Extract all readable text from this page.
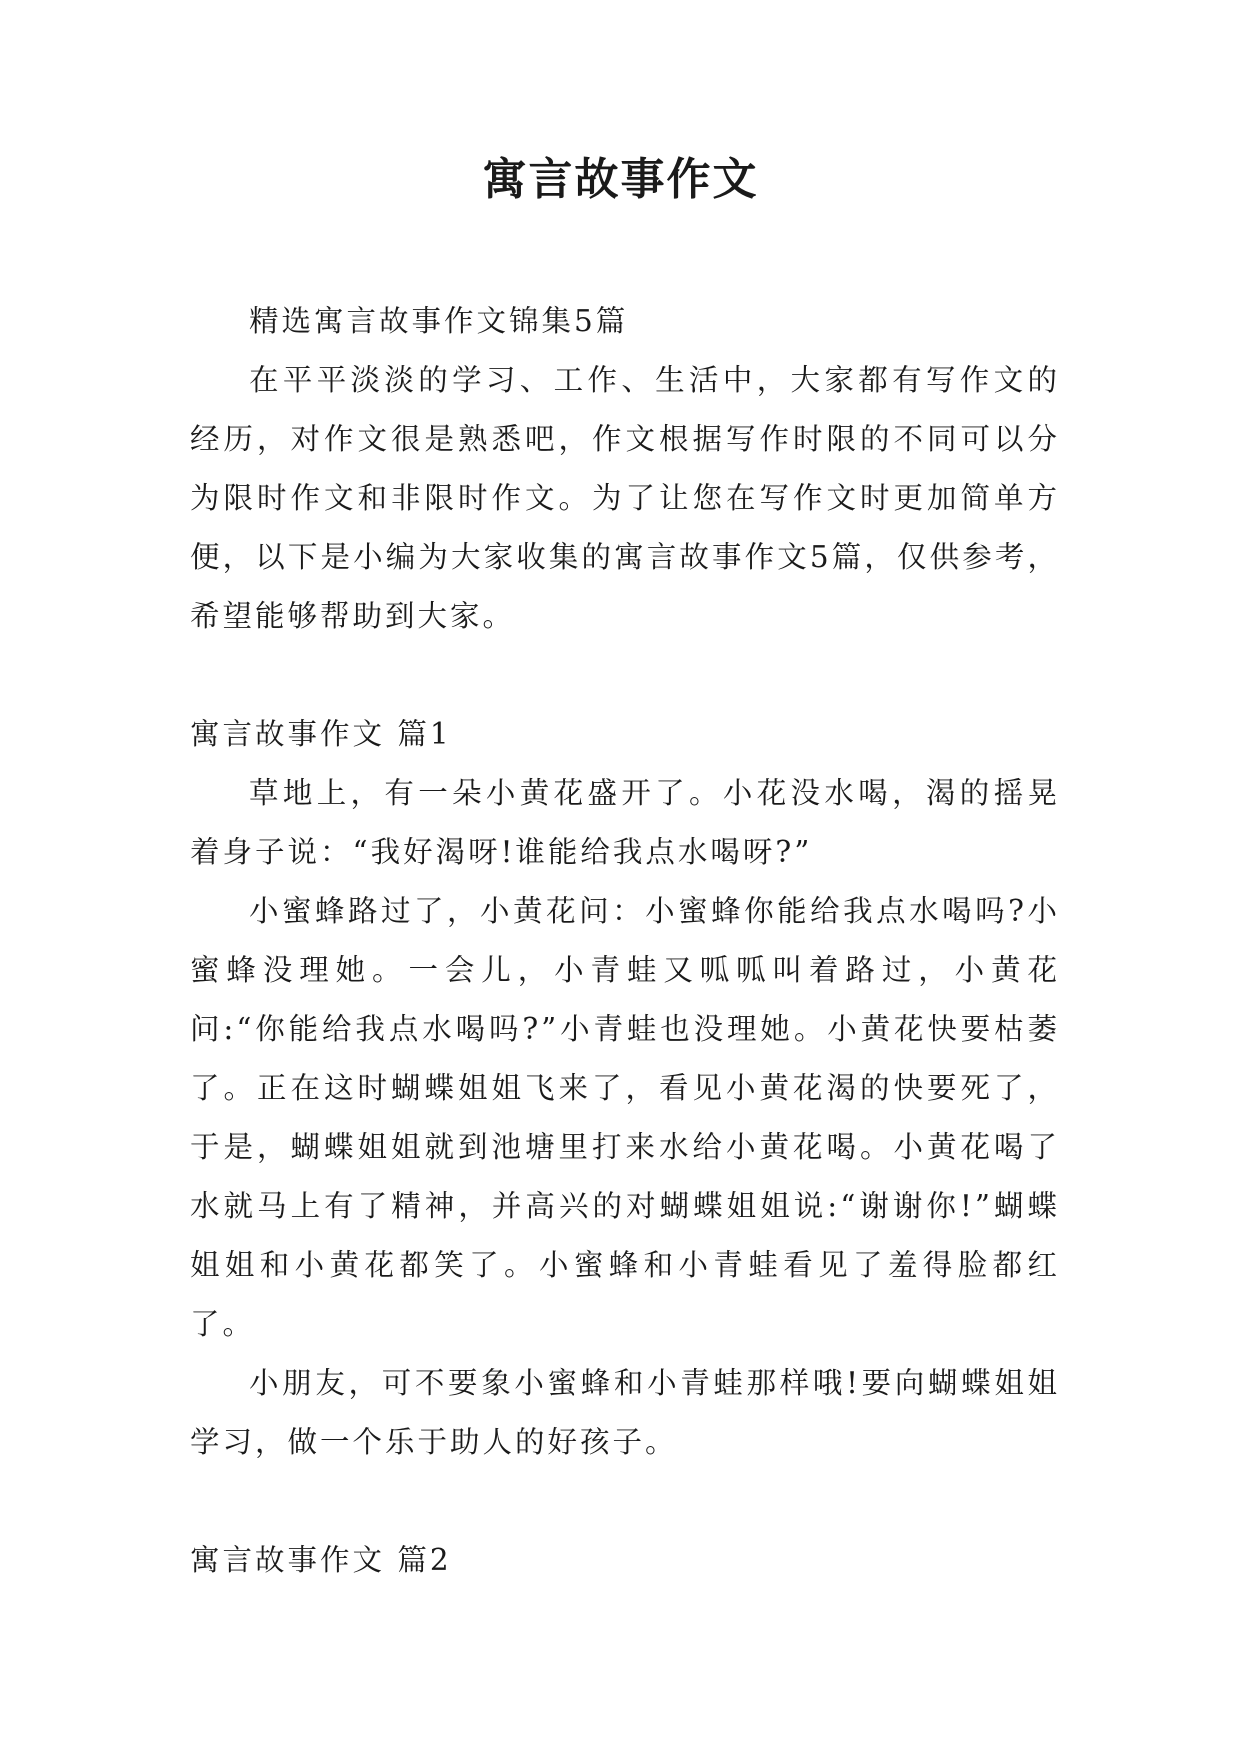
寓言故事作文

精选寓言故事作文锦集5篇

在平平淡淡的学习、工作、生活中，大家都有写作文的经历，对作文很是熟悉吧，作文根据写作时限的不同可以分为限时作文和非限时作文。为了让您在写作文时更加简单方便，以下是小编为大家收集的寓言故事作文5篇，仅供参考，希望能够帮助到大家。

寓言故事作文 篇1

草地上，有一朵小黄花盛开了。小花没水喝，渴的摇晃着身子说：“我好渴呀!谁能给我点水喝呀?”

小蜜蜂路过了，小黄花问：小蜜蜂你能给我点水喝吗?小蜜蜂没理她。一会儿，小青蛙又呱呱叫着路过，小黄花问:“你能给我点水喝吗?”小青蛙也没理她。小黄花快要枯萎了。正在这时蝴蝶姐姐飞来了，看见小黄花渴的快要死了，于是，蝴蝶姐姐就到池塘里打来水给小黄花喝。小黄花喝了水就马上有了精神，并高兴的对蝴蝶姐姐说:“谢谢你!”蝴蝶姐姐和小黄花都笑了。小蜜蜂和小青蛙看见了羞得脸都红了。

小朋友，可不要象小蜜蜂和小青蛙那样哦!要向蝴蝶姐姐学习，做一个乐于助人的好孩子。

寓言故事作文 篇2
